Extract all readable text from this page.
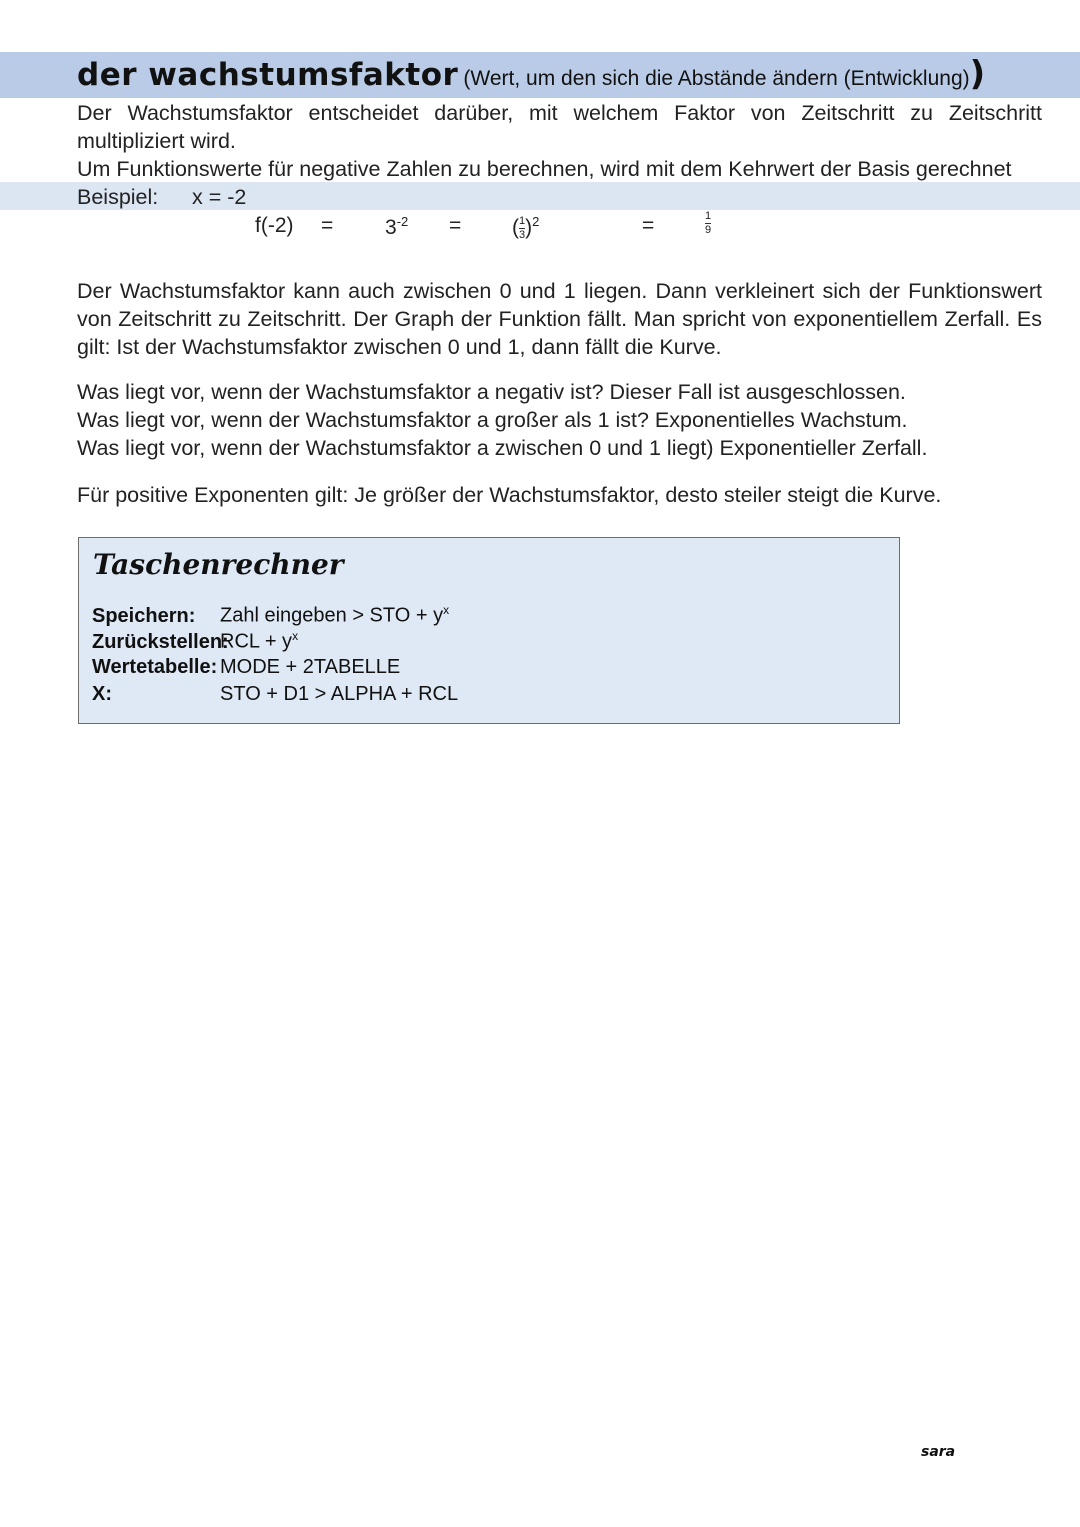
der wachstumsfaktor (Wert, um den sich die Abstände ändern (Entwicklung))
Der Wachstumsfaktor entscheidet darüber, mit welchem Faktor von Zeitschritt zu Zeitschritt multipliziert wird.
Um Funktionswerte für negative Zahlen zu berechnen, wird mit dem Kehrwert der Basis gerechnet
Beispiel: x = -2
$f(-2) = 3^{-2} = (\frac{1}{3})^2$	=	$\frac{1}{9}$
Der Wachstumsfaktor kann auch zwischen 0 und 1 liegen. Dann verkleinert sich der Funktionswert von Zeitschritt zu Zeitschritt. Der Graph der Funktion fällt. Man spricht von exponentiellem Zerfall. Es gilt: Ist der Wachstumsfaktor zwischen 0 und 1, dann fällt die Kurve.
Was liegt vor, wenn der Wachstumsfaktor a negativ ist? Dieser Fall ist ausgeschlossen.
Was liegt vor, wenn der Wachstumsfaktor a großer als 1 ist? Exponentielles Wachstum.
Was liegt vor, wenn der Wachstumsfaktor a zwischen 0 und 1 liegt) Exponentieller Zerfall.
Für positive Exponenten gilt: Je größer der Wachstumsfaktor, desto steiler steigt die Kurve.
Taschenrechner
Speichern: Zahl eingeben > STO + $y^x$
Zurückstellen:RCL + $y^x$
Wertetabelle: MODE + 2TABELLE
X:	STO + D1 > ALPHA + RCL
sara
